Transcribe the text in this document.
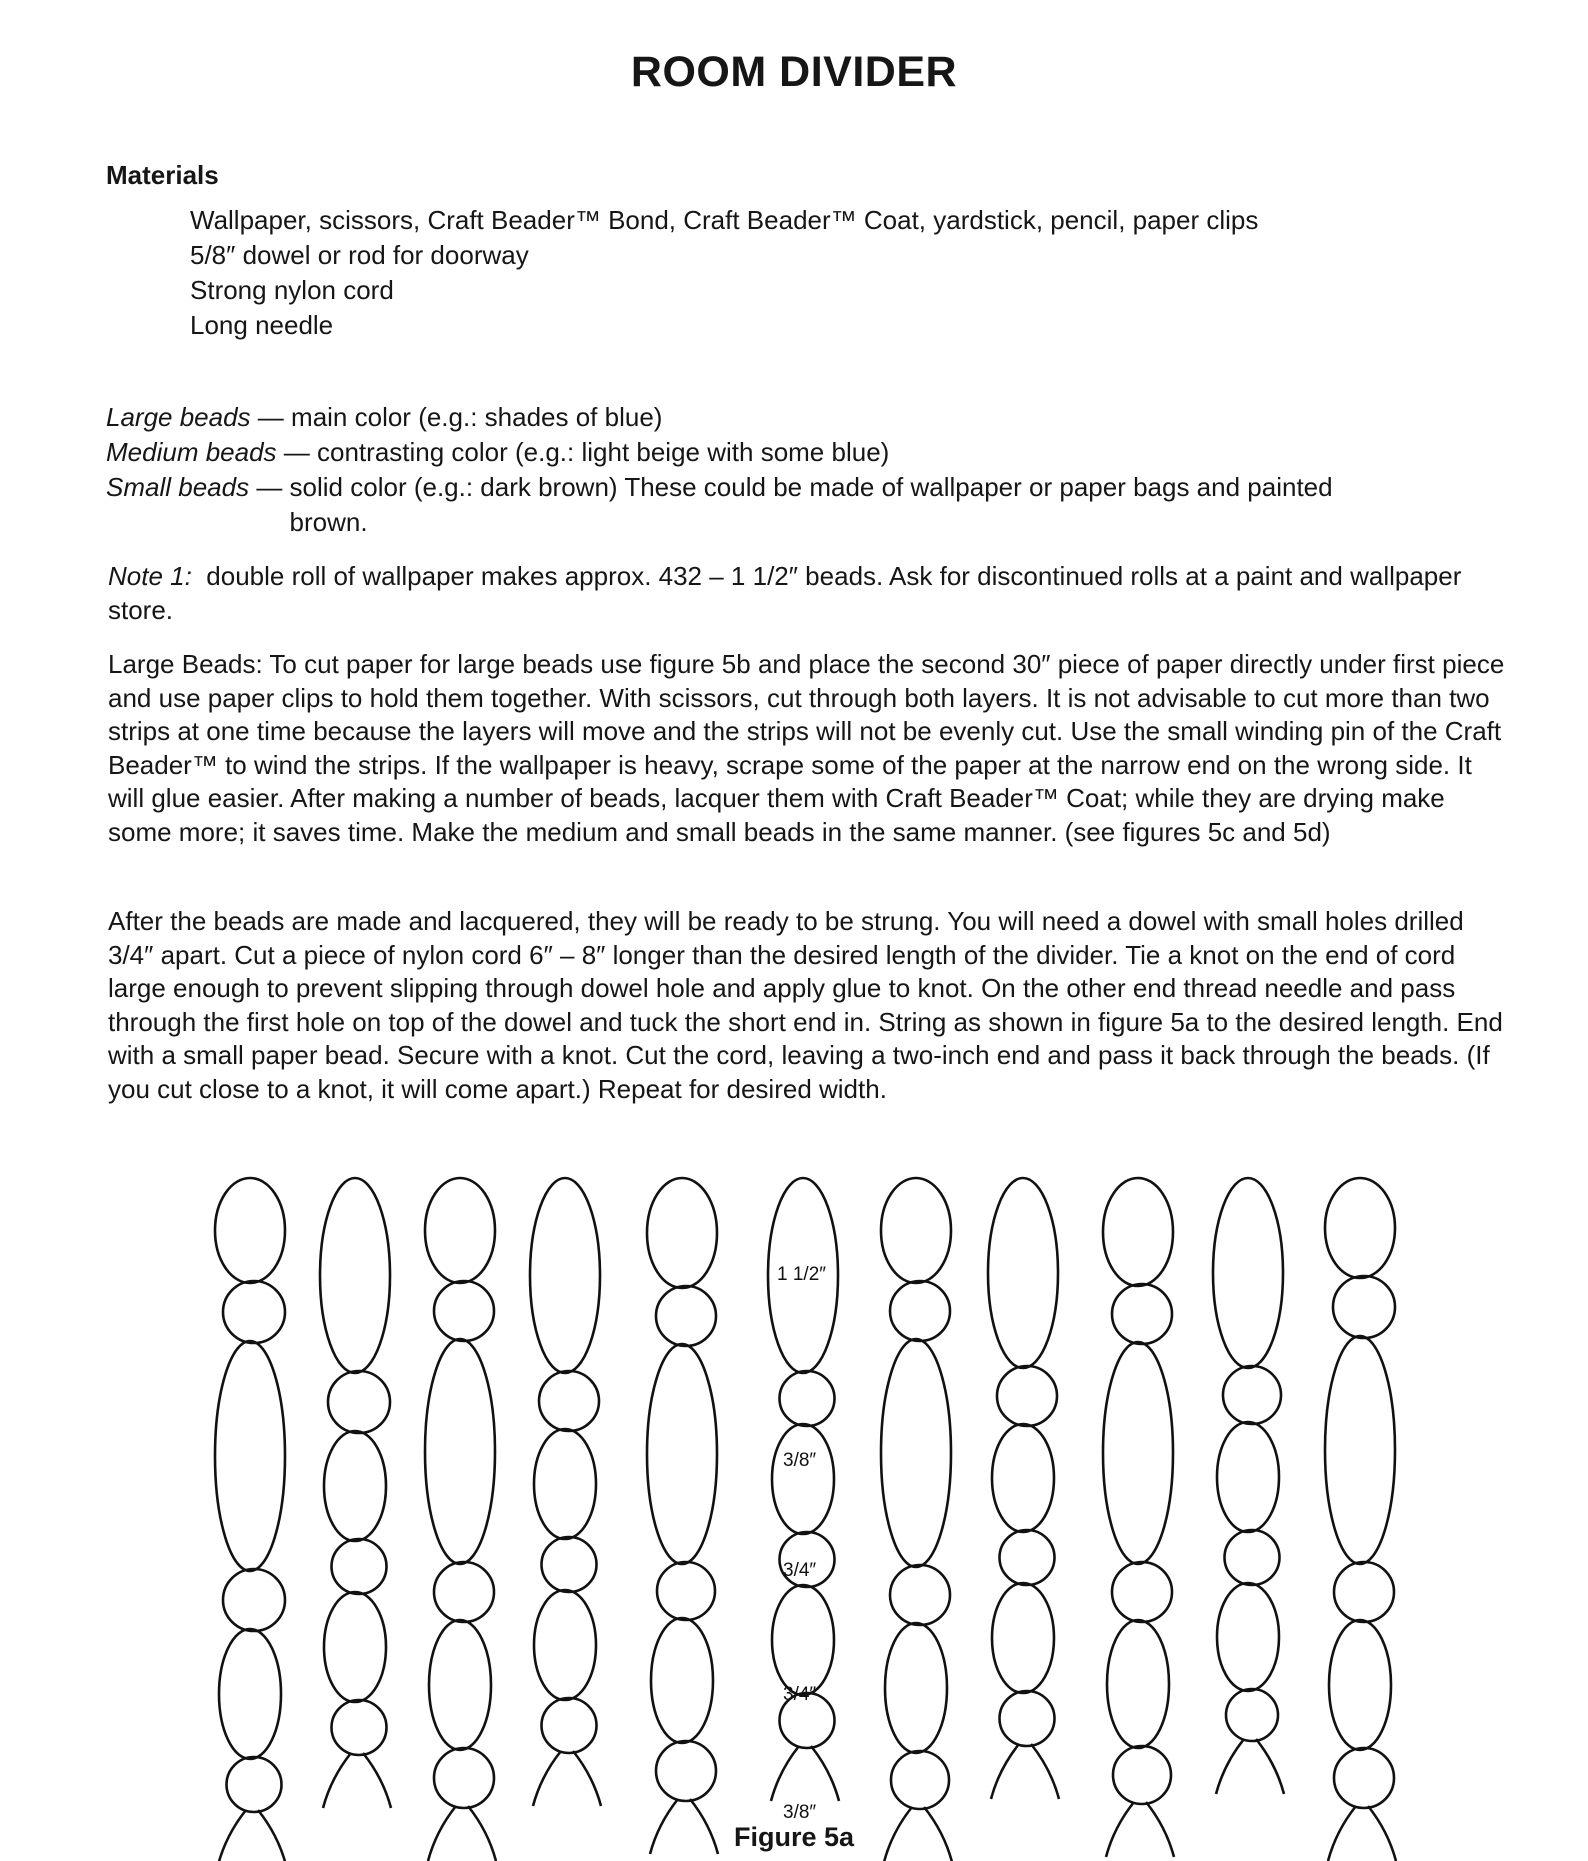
ROOM DIVIDER
Materials
Wallpaper, scissors, Craft Beader™ Bond, Craft Beader™ Coat, yardstick, pencil, paper clips
5/8″ dowel or rod for doorway
Strong nylon cord
Long needle
Large beads — main color (e.g.: shades of blue)
Medium beads — contrasting color (e.g.: light beige with some blue)
Small beads — solid color (e.g.: dark brown) These could be made of wallpaper or paper bags and painted brown.

Note 1: double roll of wallpaper makes approx. 432 – 1 1/2″ beads. Ask for discontinued rolls at a paint and wallpaper store.

Large Beads: To cut paper for large beads use figure 5b and place the second 30″ piece of paper directly under first piece and use paper clips to hold them together. With scissors, cut through both layers. It is not advisable to cut more than two strips at one time because the layers will move and the strips will not be evenly cut. Use the small winding pin of the Craft Beader™ to wind the strips. If the wallpaper is heavy, scrape some of the paper at the narrow end on the wrong side. It will glue easier. After making a number of beads, lacquer them with Craft Beader™ Coat; while they are drying make some more; it saves time. Make the medium and small beads in the same manner. (see figures 5c and 5d)

After the beads are made and lacquered, they will be ready to be strung. You will need a dowel with small holes drilled 3/4″ apart. Cut a piece of nylon cord 6″ – 8″ longer than the desired length of the divider. Tie a knot on the end of cord large enough to prevent slipping through dowel hole and apply glue to knot. On the other end thread needle and pass through the first hole on top of the dowel and tuck the short end in. String as shown in figure 5a to the desired length. End with a small paper bead. Secure with a knot. Cut the cord, leaving a two-inch end and pass it back through the beads. (If you cut close to a knot, it will come apart.) Repeat for desired width.

1 1/2″
3/8″
3/4″
3/4″
3/8″
Figure 5a
